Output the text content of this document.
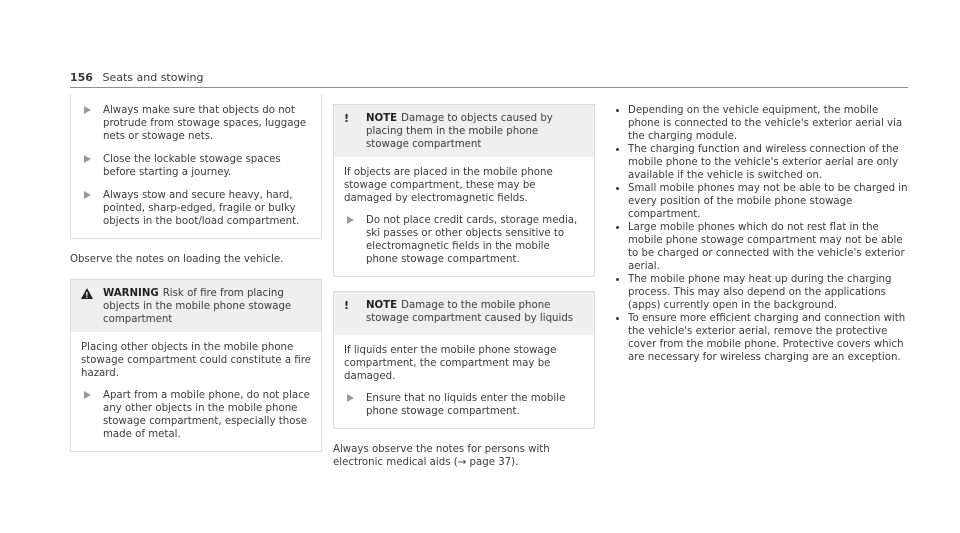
156 Seats and stowing
Always make sure that objects do not protrude from stowage spaces, luggage nets or stowage nets.
Close the lockable stowage spaces before starting a journey.
Always stow and secure heavy, hard, pointed, sharp-edged, fragile or bulky objects in the boot/load compartment.

Observe the notes on loading the vehicle.

!
WARNING Risk of fire from placing objects in the mobile phone stowage compartment
Placing other objects in the mobile phone stowage compartment could constitute a fire hazard.
Apart from a mobile phone, do not place any other objects in the mobile phone stowage compartment, especially those made of metal.
! NOTE Damage to objects caused by placing them in the mobile phone stowage compartment
If objects are placed in the mobile phone stowage compartment, these may be damaged by electromagnetic fields.
Do not place credit cards, storage media, ski passes or other objects sensitive to electromagnetic fields in the mobile phone stowage compartment.
! NOTE Damage to the mobile phone stowage compartment caused by liquids
If liquids enter the mobile phone stowage compartment, the compartment may be damaged.
Ensure that no liquids enter the mobile phone stowage compartment.

Always observe the notes for persons with electronic medical aids (→ page 37).

Depending on the vehicle equipment, the mobile phone is connected to the vehicle's exterior aerial via the charging module.
The charging function and wireless connection of the mobile phone to the vehicle's exterior aerial are only available if the vehicle is switched on.
Small mobile phones may not be able to be charged in every position of the mobile phone stowage compartment.
Large mobile phones which do not rest flat in the mobile phone stowage compartment may not be able to be charged or connected with the vehicle's exterior aerial.
The mobile phone may heat up during the charging process. This may also depend on the applications (apps) currently open in the background.
To ensure more efficient charging and connection with the vehicle's exterior aerial, remove the protective cover from the mobile phone. Protective covers which are necessary for wireless charging are an exception.
